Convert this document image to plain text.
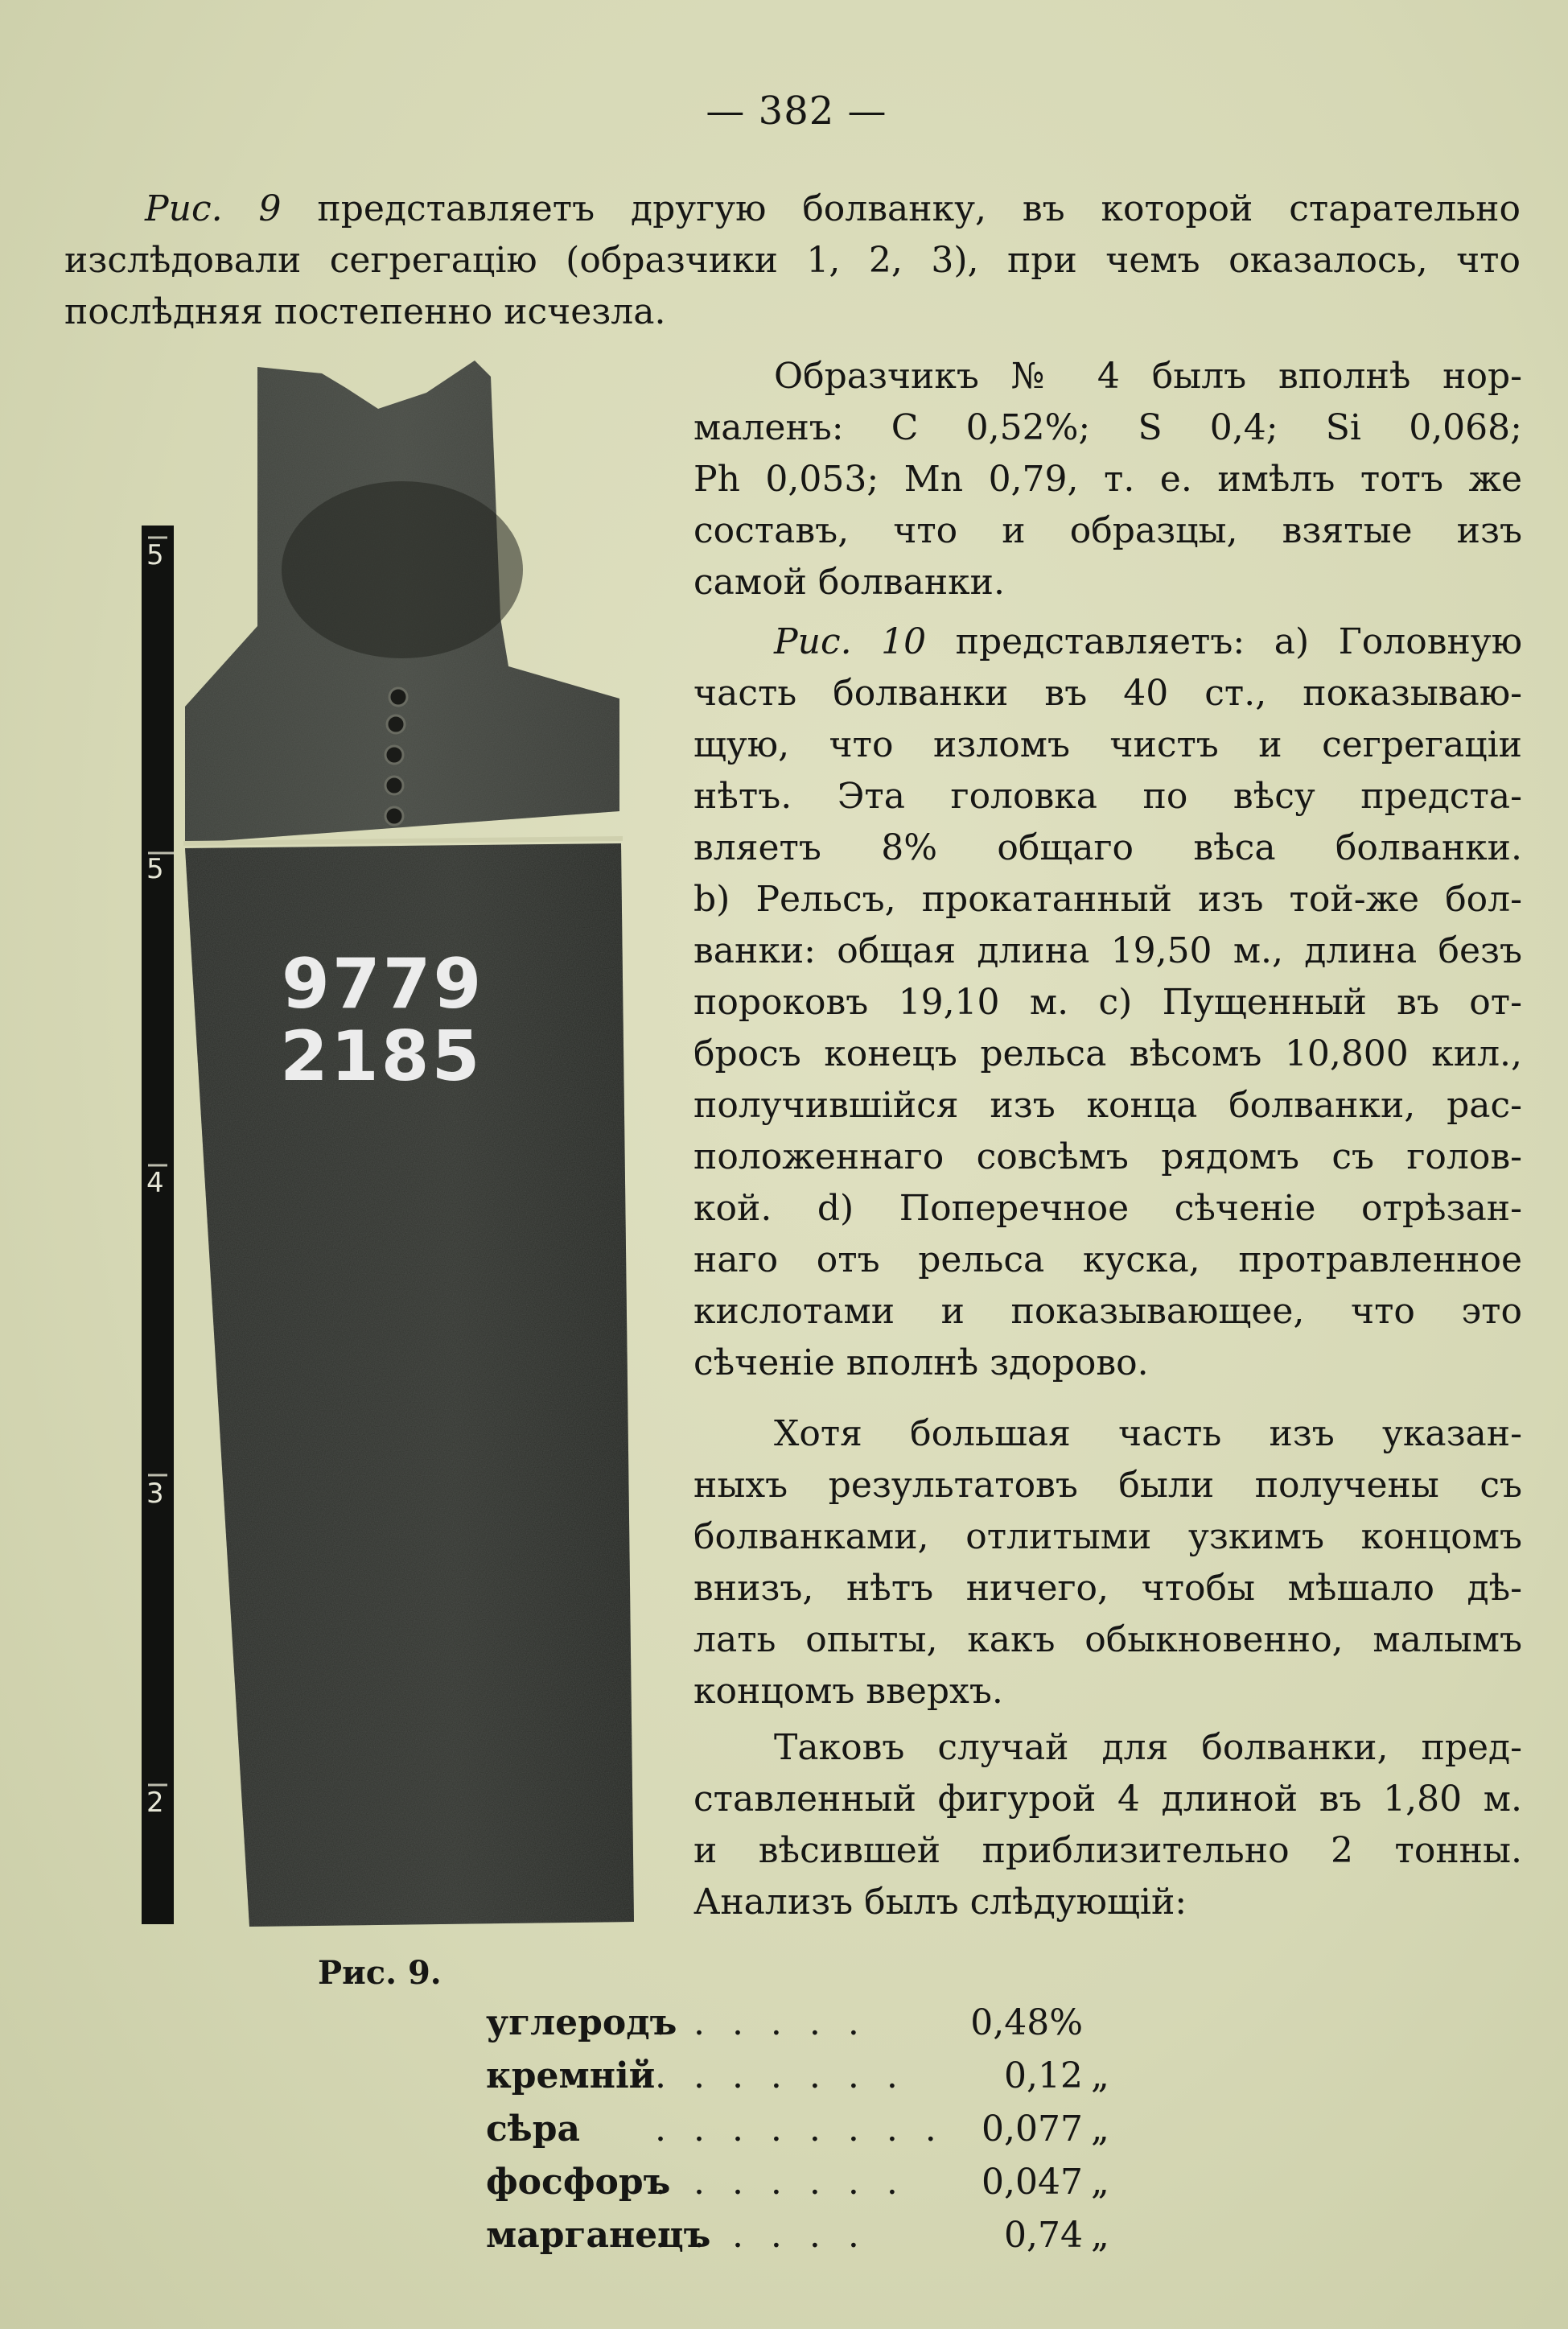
— 382 —
Рис. 9 представляетъ другую болванку, въ которой старательно
изслѣдовали сегрегацію (образчики 1, 2, 3), при чемъ оказалось, что
послѣдняя постепенно исчезла.
Образчикъ № 4 былъ вполнѣ нор-
маленъ: С 0,52%; S 0,4; Si 0,068;
Ph 0,053; Mn 0,79, т. е. имѣлъ тотъ же
составъ, что и образцы, взятые изъ
самой болванки.
Рис. 10 представляетъ: а) Головную
часть болванки въ 40 ст., показываю-
щую, что изломъ чистъ и сегрегаціи
нѣтъ. Эта головка по вѣсу предста-
вляетъ 8% общаго вѣса болванки.
b) Рельсъ, прокатанный изъ той-же бол-
ванки: общая длина 19,50 м., длина безъ
пороковъ 19,10 м. с) Пущенный въ от-
бросъ конецъ рельса вѣсомъ 10,800 кил.,
получившійся изъ конца болванки, рас-
положеннаго совсѣмъ рядомъ съ голов-
кой. d) Поперечное сѣченіе отрѣзан-
наго отъ рельса куска, протравленное
кислотами и показывающее, что это
сѣченіе вполнѣ здорово.
Хотя большая часть изъ указан-
ныхъ результатовъ были получены съ
болванками, отлитыми узкимъ концомъ
внизъ, нѣтъ ничего, чтобы мѣшало дѣ-
лать опыты, какъ обыкновенно, малымъ
концомъ вверхъ.
Таковъ случай для болванки, пред-
ставленный фигурой 4 длиной въ 1,80 м.
и вѣсившей приблизительно 2 тонны.
Анализъ былъ слѣдующій:
5
5
4
3
2
9779
2185
Рис. 9.
углеродъ
. . . . . .	0,48%
кремній . . . . . . .	0,12 „
сѣра . . . . . . . .	0,077 „
фосфоръ
. . . . . . .	0,047 „
марганецъ
. . . . . .	0,74 „
